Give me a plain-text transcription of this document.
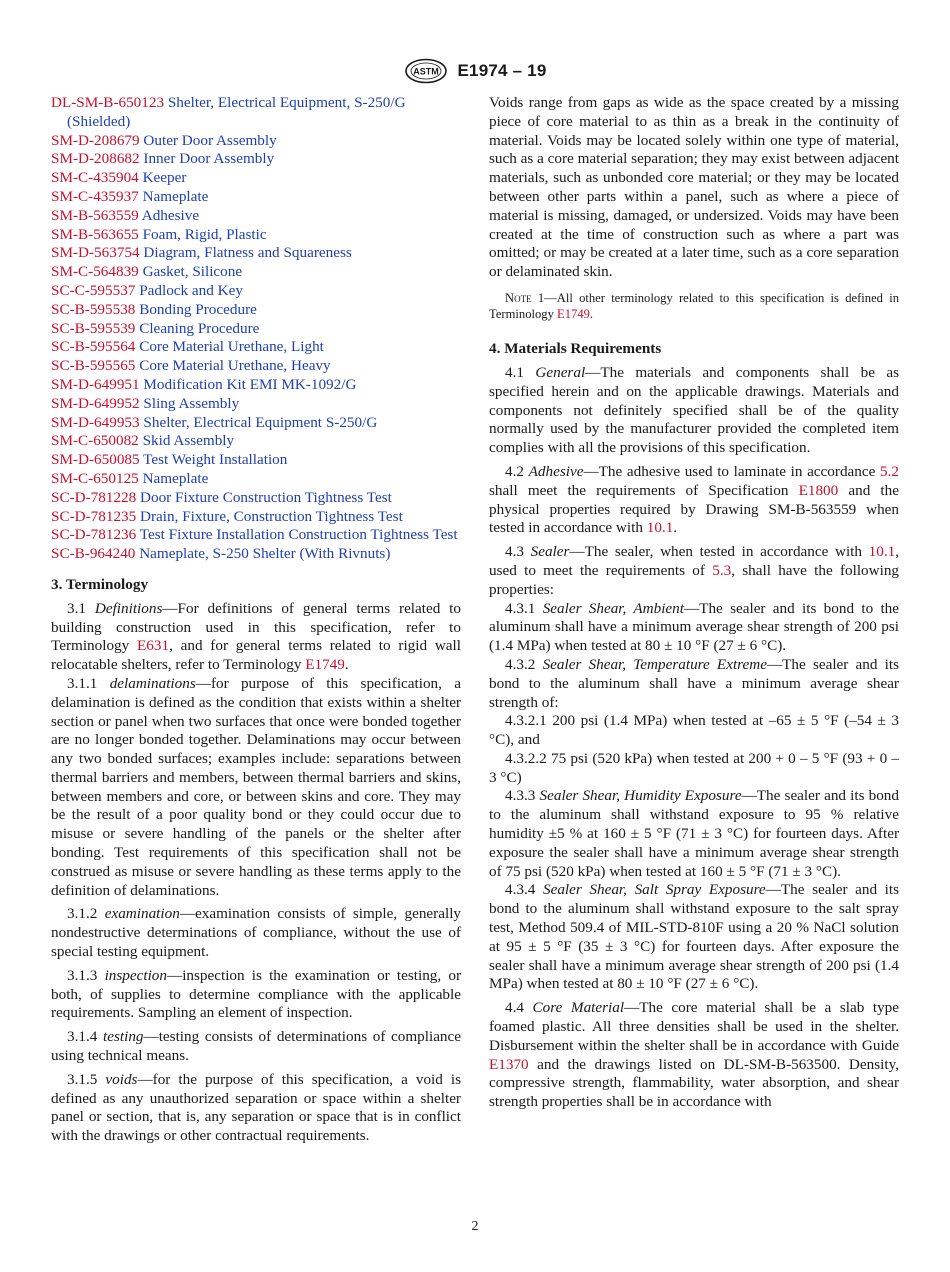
ASTM E1974 – 19
DL-SM-B-650123 Shelter, Electrical Equipment, S-250/G (Shielded)
SM-D-208679 Outer Door Assembly
SM-D-208682 Inner Door Assembly
SM-C-435904 Keeper
SM-C-435937 Nameplate
SM-B-563559 Adhesive
SM-B-563655 Foam, Rigid, Plastic
SM-D-563754 Diagram, Flatness and Squareness
SM-C-564839 Gasket, Silicone
SC-C-595537 Padlock and Key
SC-B-595538 Bonding Procedure
SC-B-595539 Cleaning Procedure
SC-B-595564 Core Material Urethane, Light
SC-B-595565 Core Material Urethane, Heavy
SM-D-649951 Modification Kit EMI MK-1092/G
SM-D-649952 Sling Assembly
SM-D-649953 Shelter, Electrical Equipment S-250/G
SM-C-650082 Skid Assembly
SM-D-650085 Test Weight Installation
SM-C-650125 Nameplate
SC-D-781228 Door Fixture Construction Tightness Test
SC-D-781235 Drain, Fixture, Construction Tightness Test
SC-D-781236 Test Fixture Installation Construction Tightness Test
SC-B-964240 Nameplate, S-250 Shelter (With Rivnuts)
3. Terminology

3.1 Definitions—For definitions of general terms related to building construction used in this specification, refer to Terminology E631, and for general terms related to rigid wall relocatable shelters, refer to Terminology E1749.

3.1.1 delaminations—for purpose of this specification, a delamination is defined as the condition that exists within a shelter section or panel when two surfaces that once were bonded together are no longer bonded together. Delaminations may occur between any two bonded surfaces; examples include: separations between thermal barriers and members, between thermal barriers and skins, between members and core, or between skins and core. They may be the result of a poor quality bond or they could occur due to misuse or severe handling of the panels or the shelter after bonding. Test requirements of this specification shall not be construed as misuse or severe handling as these terms apply to the definition of delaminations.

3.1.2 examination—examination consists of simple, generally nondestructive determinations of compliance, without the use of special testing equipment.

3.1.3 inspection—inspection is the examination or testing, or both, of supplies to determine compliance with the applicable requirements. Sampling an element of inspection.

3.1.4 testing—testing consists of determinations of compliance using technical means.

3.1.5 voids—for the purpose of this specification, a void is defined as any unauthorized separation or space within a shelter panel or section, that is, any separation or space that is in conflict with the drawings or other contractual requirements.

Voids range from gaps as wide as the space created by a missing piece of core material to as thin as a break in the continuity of material. Voids may be located solely within one type of material, such as a core material separation; they may exist between adjacent materials, such as unbonded core material; or they may be located between other parts within a panel, such as where a piece of material is missing, damaged, or undersized. Voids may have been created at the time of construction such as where a part was omitted; or may be created at a later time, such as a core separation or delaminated skin.

Note 1—All other terminology related to this specification is defined in Terminology E1749.
4. Materials Requirements

4.1 General—The materials and components shall be as specified herein and on the applicable drawings. Materials and components not definitely specified shall be of the quality normally used by the manufacturer provided the completed item complies with all the provisions of this specification.

4.2 Adhesive—The adhesive used to laminate in accordance 5.2 shall meet the requirements of Specification E1800 and the physical properties required by Drawing SM-B-563559 when tested in accordance with 10.1.

4.3 Sealer—The sealer, when tested in accordance with 10.1, used to meet the requirements of 5.3, shall have the following properties:

4.3.1 Sealer Shear, Ambient—The sealer and its bond to the aluminum shall have a minimum average shear strength of 200 psi (1.4 MPa) when tested at 80 ± 10 °F (27 ± 6 °C).

4.3.2 Sealer Shear, Temperature Extreme—The sealer and its bond to the aluminum shall have a minimum average shear strength of:

4.3.2.1 200 psi (1.4 MPa) when tested at –65 ± 5 °F (–54 ± 3 °C), and

4.3.2.2 75 psi (520 kPa) when tested at 200 + 0 – 5 °F (93 + 0 – 3 °C)

4.3.3 Sealer Shear, Humidity Exposure—The sealer and its bond to the aluminum shall withstand exposure to 95 % relative humidity ±5 % at 160 ± 5 °F (71 ± 3 °C) for fourteen days. After exposure the sealer shall have a minimum average shear strength of 75 psi (520 kPa) when tested at 160 ± 5 °F (71 ± 3 °C).

4.3.4 Sealer Shear, Salt Spray Exposure—The sealer and its bond to the aluminum shall withstand exposure to the salt spray test, Method 509.4 of MIL-STD-810F using a 20 % NaCl solution at 95 ± 5 °F (35 ± 3 °C) for fourteen days. After exposure the sealer shall have a minimum average shear strength of 200 psi (1.4 MPa) when tested at 80 ± 10 °F (27 ± 6 °C).

4.4 Core Material—The core material shall be a slab type foamed plastic. All three densities shall be used in the shelter. Disbursement within the shelter shall be in accordance with Guide E1370 and the drawings listed on DL-SM-B-563500. Density, compressive strength, flammability, water absorption, and shear strength properties shall be in accordance with

2
